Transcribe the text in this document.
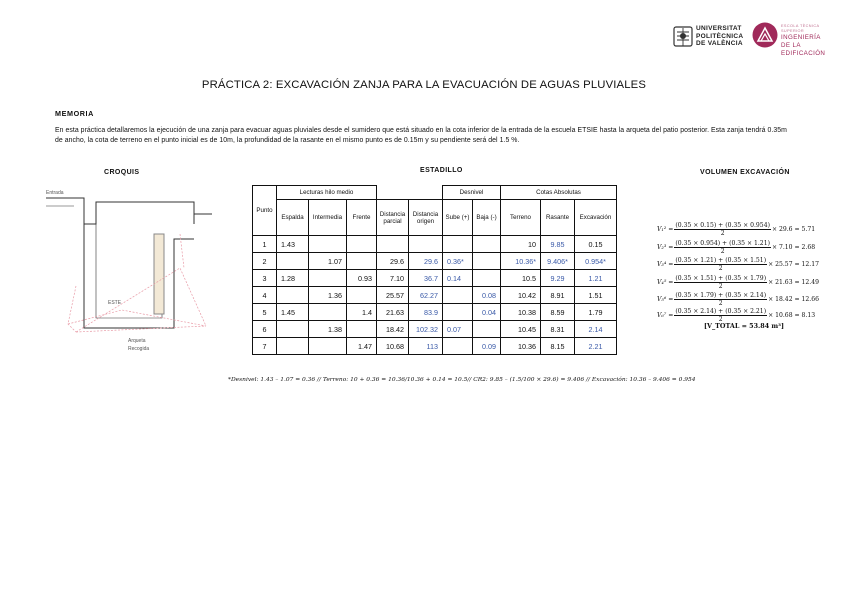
UNIVERSITAT
POLITÈCNICA
DE VALÈNCIA
ESCOLA TÈCNICA SUPERIOR
INGENIERÍA
DE LA
EDIFICACIÓN
PRÁCTICA 2: EXCAVACIÓN ZANJA PARA LA EVACUACIÓN DE AGUAS PLUVIALES
MEMORIA
En esta práctica detallaremos la ejecución de una zanja para evacuar aguas pluviales desde el sumidero que está situado en la cota inferior de la entrada de la escuela ETSIE hasta la arqueta del patio posterior. Esta zanja tendrá 0.35m de ancho, la cota de terreno en el punto inicial es de 10m, la profundidad de la rasante en el mismo punto es de 0.15m y su pendiente será del 1.5 %.
CROQUIS	ESTADILLO	VOLUMEN EXCAVACIÓN
Entrada
ESTE
Arqueta
Recogida
Punto	Lecturas hilo medio					Desnivel		Cotas Absolutas		
	Espalda	Intermedia	Frente	Distancia parcial	Distancia origen	Sube (+)	Baja (-)	Terreno	Rasante	Excavación
1	1.43							10	9.85	0.15
2		1.07		29.6	29.6	0.36*		10.36*	9.406*	0.954*
3	1.28		0.93	7.10	36.7	0.14		10.5	9.29	1.21
4		1.36		25.57	62.27		0.08	10.42	8.91	1.51
5	1.45		1.4	21.63	83.9		0.04	10.38	8.59	1.79
6		1.38		18.42	102.32	0.07		10.45	8.31	2.14
7			1.47	10.68	113		0.09	10.36	8.15	2.21
$V_1^2 = \frac{(0.35 \times 0.15) + (0.35 \times 0.954)}{2} \times 29.6 = 5.71$
$V_2^3 = \frac{(0.35 \times 0.954) + (0.35 \times 1.21)}{2} \times 7.10 = 2.68$
$V_3^4 = \frac{(0.35 \times 1.21) + (0.35 \times 1.51)}{2} \times 25.57 = 12.17$
$V_4^5 = \frac{(0.35 \times 1.51) + (0.35 \times 1.79)}{2} \times 21.63 = 12.49$
$V_5^6 = \frac{(0.35 \times 1.79) + (0.35 \times 2.14)}{2} \times 18.42 = 12.66$
$V_6^7 = \frac{(0.35 \times 2.14) + (0.35 \times 2.21)}{2} \times 10.68 = 8.13$
[V_TOTAL = 53.84 m³]
*Desnivel: 1.43 – 1.07 = 0.36 // Terreno: 10 + 0.36 = 10.36/10.36 + 0.14 = 10.5// CR2: 9.85 – (1.5/100 × 29.6) = 9.406 // Excavación: 10.36 – 9.406 = 0.954
